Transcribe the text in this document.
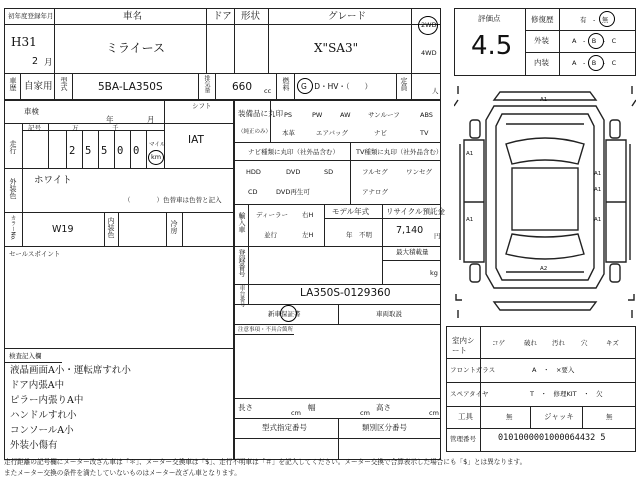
初年度登録年月	車名	ドア 形状	グレード
H31
2 月
ミライース	X"SA3"
2WD
4WD
車歴 自家用 型式	5BA-LA350S	排気量 660 cc 燃料 G　D・HV・（　　）	定員	人
車検
年	月
シフト
IAT
記号	万	千
走行	2 5 5 0 0 マイル
km
外装色 ホワイト
（　　　　）色替車は色替と記入
カラーNo.	W19	内装色	冷房
セールスポイント
検査記入欄
液晶画面A小・運転席すれ小
ドア内張A中
ピラー内張りA中
ハンドルすれ小
コンソールA小
外装小傷有
装備品に丸印
（純正のみ）
PS	PW	AW	サンルーフ	ABS
本革	エアバッグ	ナビ	TV
ナビ種類に丸印（社外品含む）	TV種類に丸印（社外品含む）
HDD	DVD	SD
CD	DVD再生可
フルセグ	ワンセグ
アナログ
輸入車 ディーラー
並行
右H
左H
モデル年式
年　不明
リサイクル預託金
7,140 円
最大積載量
kg
登録番号
車台番号	LA350S-0129360
新車保証書	車両取説
注意事項・不具合箇所
長さ
cm
幅
cm
高さ
cm
型式指定番号	類別区分番号
評価点
4.5
修復歴	有　-　無
外装	A　-　B　-　C
内装	A　-　B　-　C
A1
A1
A1
A1
A1
A1
A2
室内シート
コゲ	破れ 汚れ 穴	キズ
フロントガラス	A　・　×要入
スペアタイヤ	T　・　修理KIT　・　欠
工具	無	ジャッキ	無
管理番号	0101000001000064432 5
走行距離の記号欄にメーター改ざん車は「＊」、メーター交換車は「$」、走行不明車は「＃」を記入してください。メーター交換で合算表示した場合にも「$」とは異なります。
またメーター交換の条件を満たしていないものはメーター改ざん車となります。
